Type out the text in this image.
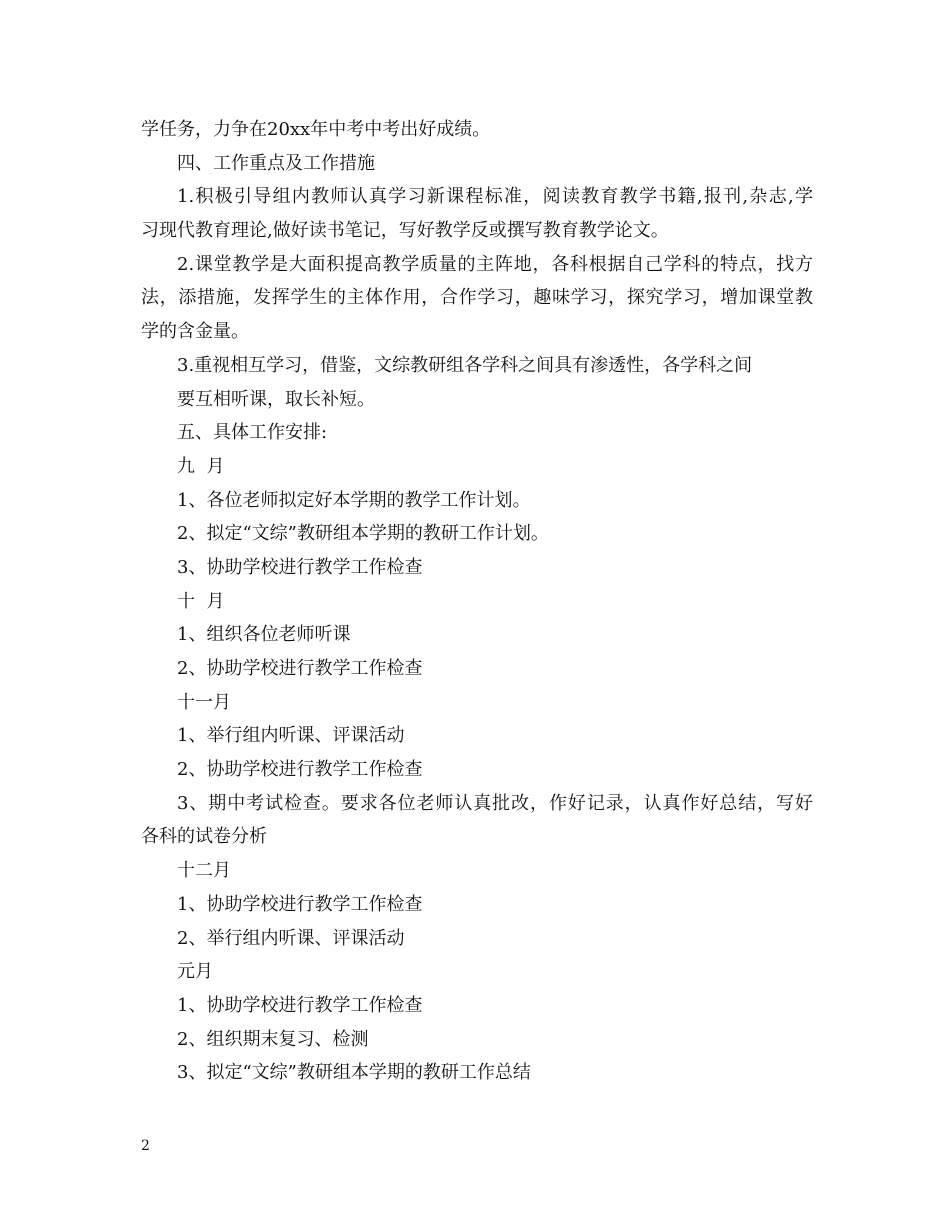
学任务，力争在20xx年中考中考出好成绩。
四、工作重点及工作措施
1.积极引导组内教师认真学习新课程标准，阅读教育教学书籍,报刊,杂志,学
习现代教育理论,做好读书笔记，写好教学反或撰写教育教学论文。
2.课堂教学是大面积提高教学质量的主阵地，各科根据自己学科的特点，找方
法，添措施，发挥学生的主体作用，合作学习，趣味学习，探究学习，增加课堂教
学的含金量。
3.重视相互学习，借鉴，文综教研组各学科之间具有渗透性，各学科之间
要互相听课，取长补短。
五、具体工作安排:
九  月
1、各位老师拟定好本学期的教学工作计划。
2、拟定“文综”教研组本学期的教研工作计划。
3、协助学校进行教学工作检查
十  月
1、组织各位老师听课
2、协助学校进行教学工作检查
十一月
1、举行组内听课、评课活动
2、协助学校进行教学工作检查
3、期中考试检查。要求各位老师认真批改，作好记录，认真作好总结，写好
各科的试卷分析
十二月
1、协助学校进行教学工作检查
2、举行组内听课、评课活动
元月
1、协助学校进行教学工作检查
2、组织期末复习、检测
3、拟定“文综”教研组本学期的教研工作总结
2
